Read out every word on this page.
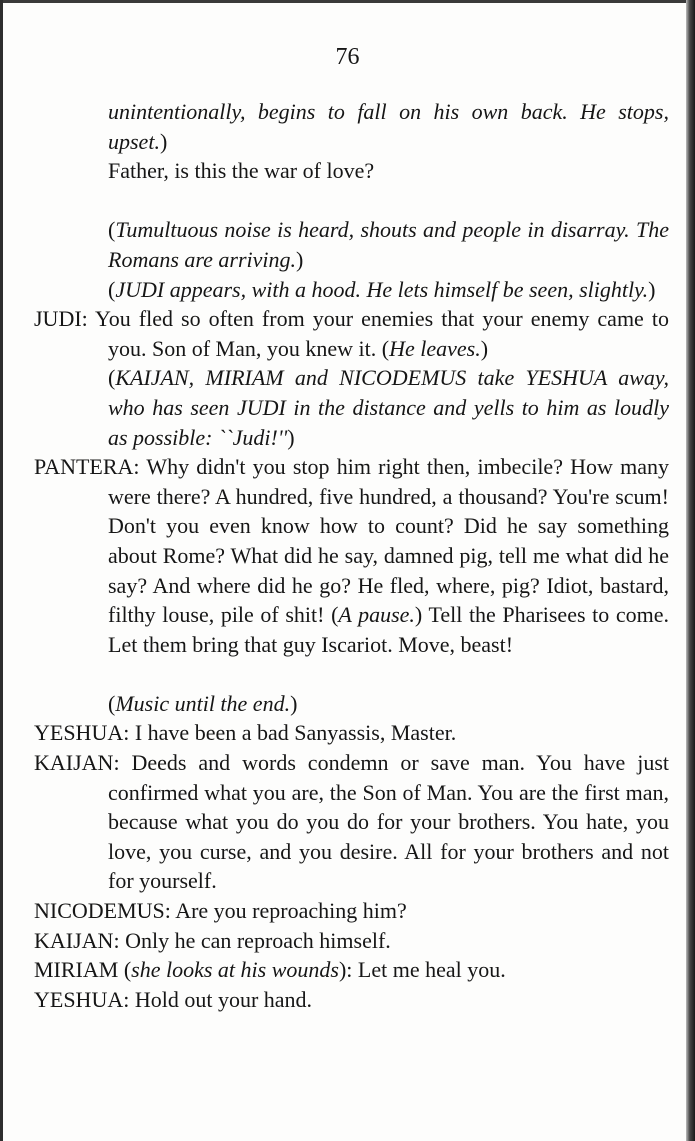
76

unintentionally, begins to fall on his own back. He stops, upset.)

Father, is this the war of love?

(Tumultuous noise is heard, shouts and people in disarray. The Romans are arriving.)

(JUDI appears, with a hood. He lets himself be seen, slightly.)

JUDI: You fled so often from your enemies that your enemy came to you. Son of Man, you knew it. (He leaves.)

(KAIJAN, MIRIAM and NICODEMUS take YESHUA away, who has seen JUDI in the distance and yells to him as loudly as possible: ``Judi!'')

PANTERA: Why didn't you stop him right then, imbecile? How many were there? A hundred, five hundred, a thousand? You're scum! Don't you even know how to count? Did he say something about Rome? What did he say, damned pig, tell me what did he say? And where did he go? He fled, where, pig? Idiot, bastard, filthy louse, pile of shit! (A pause.) Tell the Pharisees to come. Let them bring that guy Iscariot. Move, beast!

(Music until the end.)

YESHUA: I have been a bad Sanyassis, Master.

KAIJAN: Deeds and words condemn or save man. You have just confirmed what you are, the Son of Man. You are the first man, because what you do you do for your brothers. You hate, you love, you curse, and you desire. All for your brothers and not for yourself.

NICODEMUS: Are you reproaching him?

KAIJAN: Only he can reproach himself.

MIRIAM (she looks at his wounds): Let me heal you.

YESHUA: Hold out your hand.
